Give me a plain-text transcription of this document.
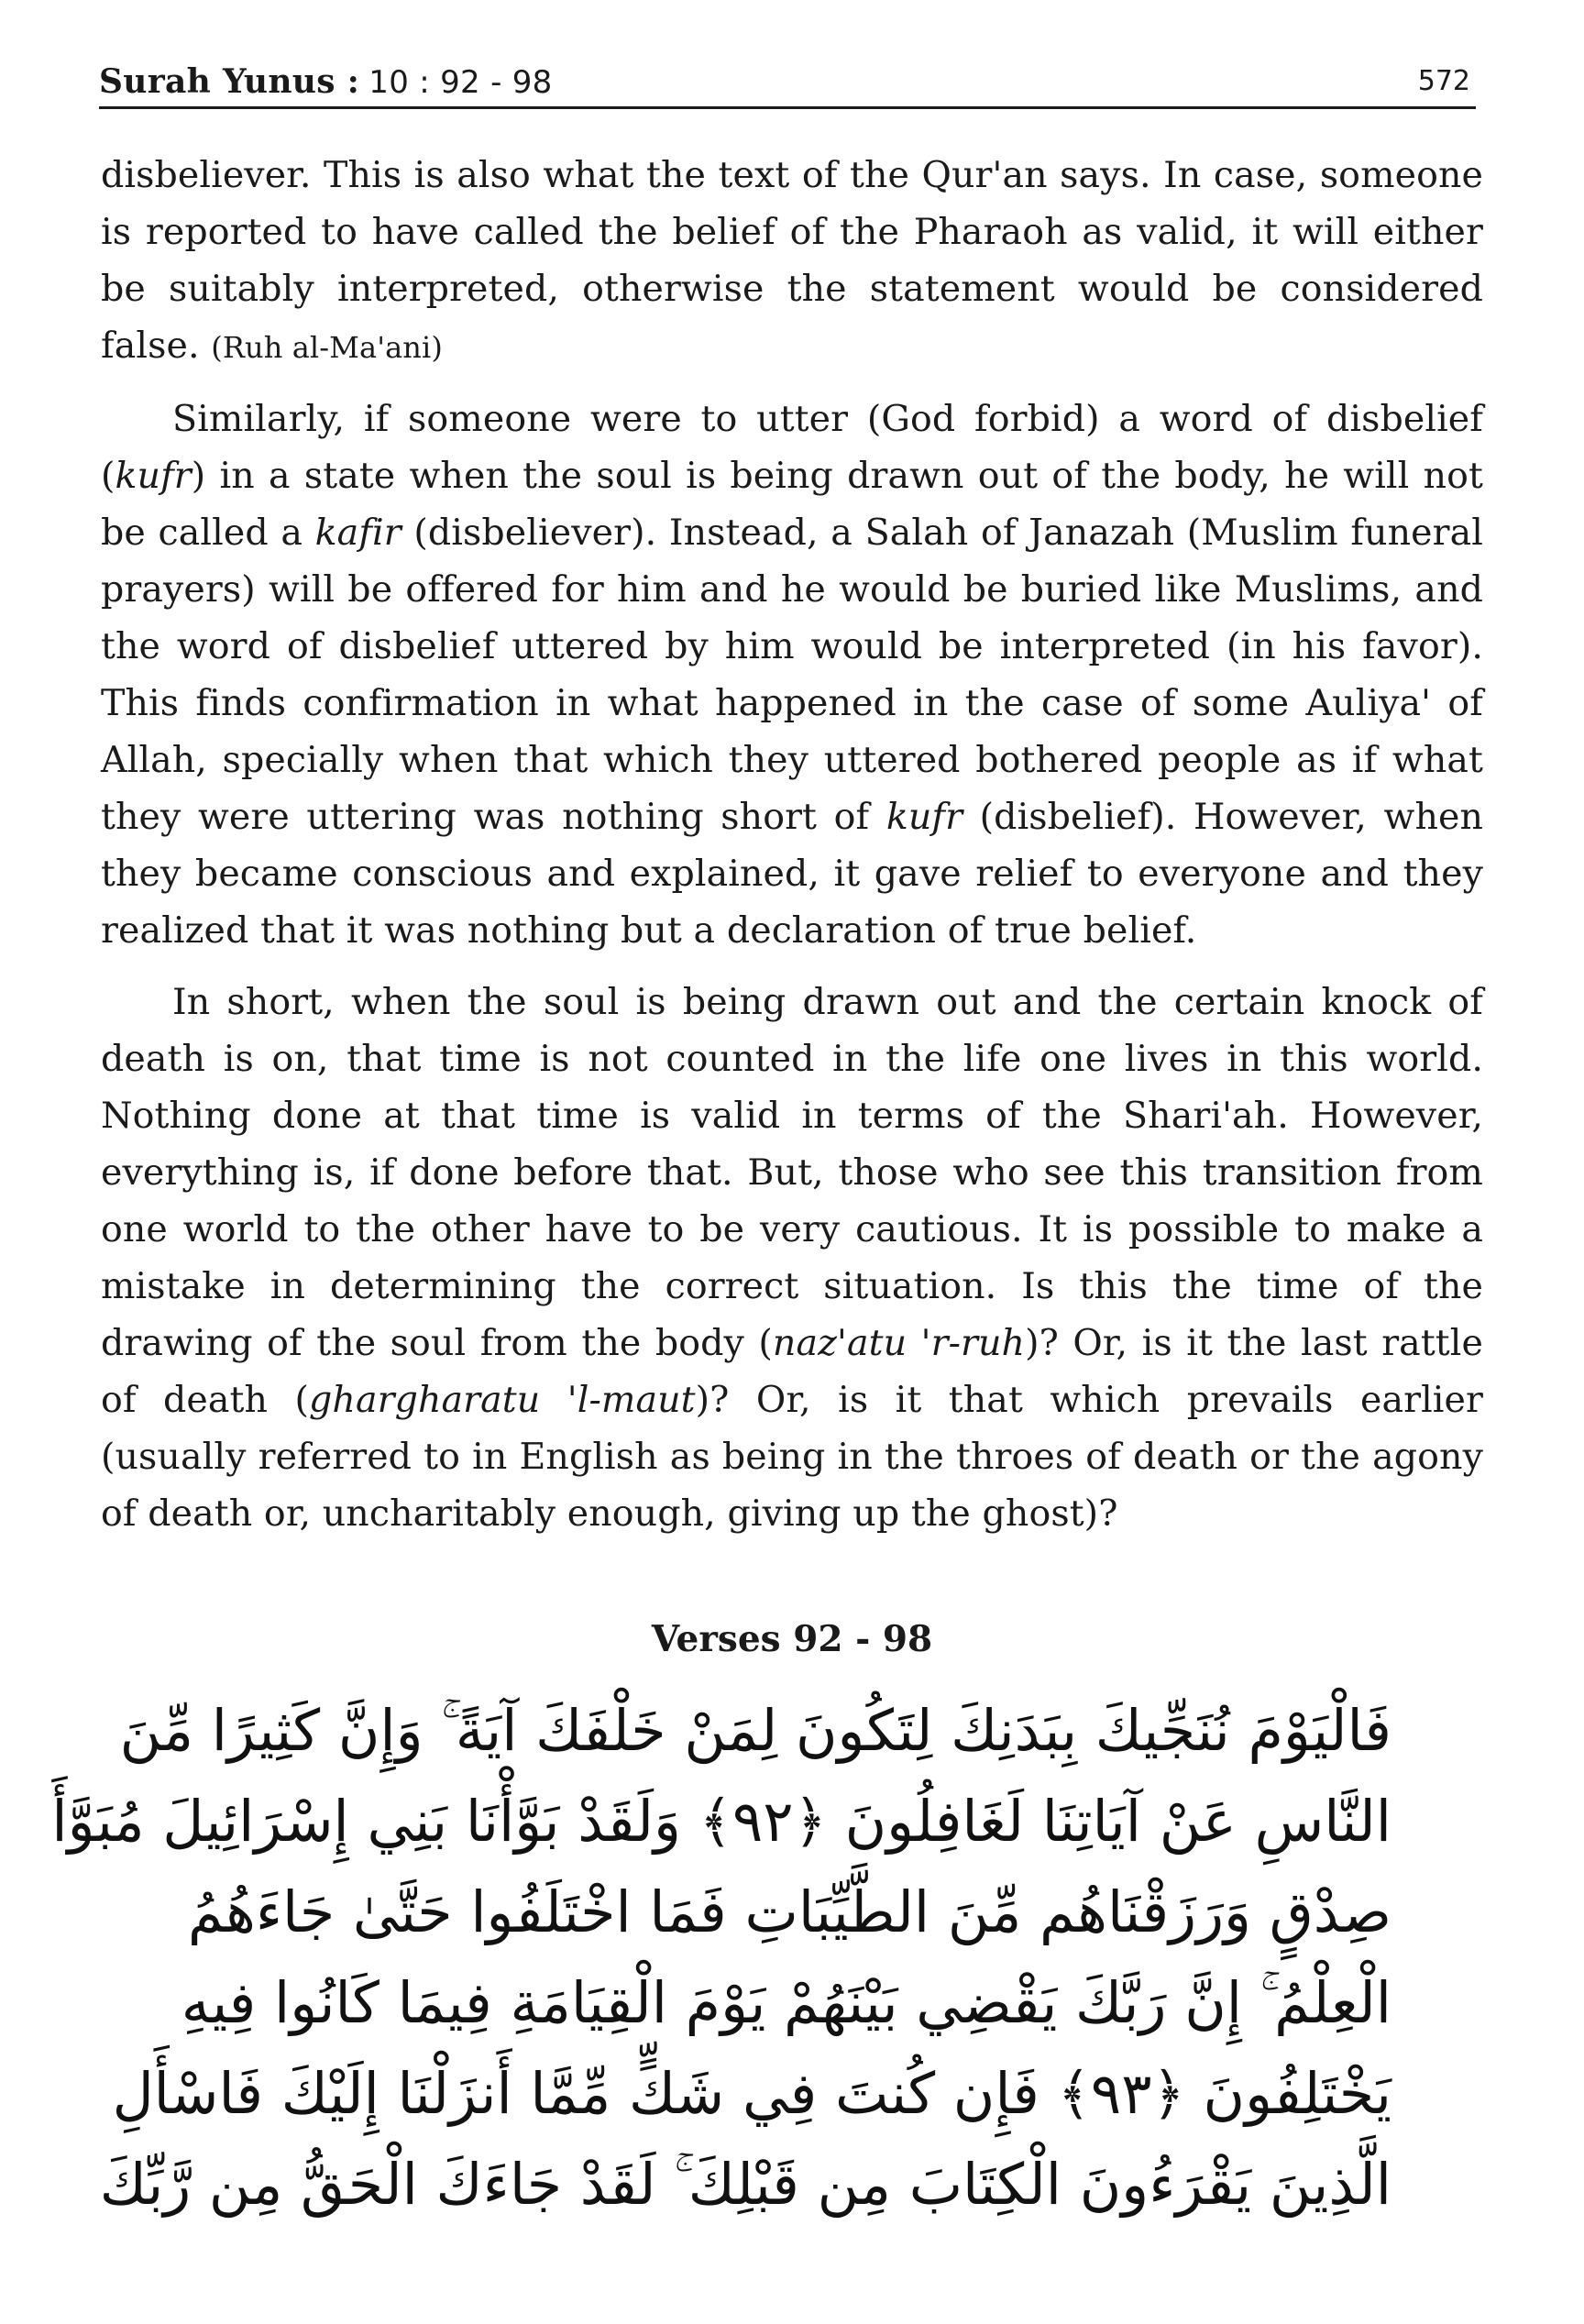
Surah Yunus : 10 : 92 - 98	572

disbeliever. This is also what the text of the Qur'an says. In case, someone is reported to have called the belief of the Pharaoh as valid, it will either be suitably interpreted, otherwise the statement would be considered false. (Ruh al-Ma'ani)

Similarly, if someone were to utter (God forbid) a word of disbelief (kufr) in a state when the soul is being drawn out of the body, he will not be called a kafir (disbeliever). Instead, a Salah of Janazah (Muslim funeral prayers) will be offered for him and he would be buried like Muslims, and the word of disbelief uttered by him would be interpreted (in his favor). This finds confirmation in what happened in the case of some Auliya' of Allah, specially when that which they uttered bothered people as if what they were uttering was nothing short of kufr (disbelief). However, when they became conscious and explained, it gave relief to everyone and they realized that it was nothing but a declaration of true belief.

In short, when the soul is being drawn out and the certain knock of death is on, that time is not counted in the life one lives in this world. Nothing done at that time is valid in terms of the Shari'ah. However, everything is, if done before that. But, those who see this transition from one world to the other have to be very cautious. It is possible to make a mistake in determining the correct situation. Is this the time of the drawing of the soul from the body (naz'atu 'r-ruh)? Or, is it the last rattle of death (ghargharatu 'l-maut)? Or, is it that which prevails earlier (usually referred to in English as being in the throes of death or the agony of death or, uncharitably enough, giving up the ghost)?

Verses 92 - 98
فَالْيَوْمَ نُنَجِّيكَ بِبَدَنِكَ لِتَكُونَ لِمَنْ خَلْفَكَ آيَةً ۚ وَإِنَّ كَثِيرًا مِّنَ
النَّاسِ عَنْ آيَاتِنَا لَغَافِلُونَ ﴿٩٢﴾ وَلَقَدْ بَوَّأْنَا بَنِي إِسْرَائِيلَ مُبَوَّأَ
صِدْقٍ وَرَزَقْنَاهُم مِّنَ الطَّيِّبَاتِ فَمَا اخْتَلَفُوا حَتَّىٰ جَاءَهُمُ
الْعِلْمُ ۚ إِنَّ رَبَّكَ يَقْضِي بَيْنَهُمْ يَوْمَ الْقِيَامَةِ فِيمَا كَانُوا فِيهِ
يَخْتَلِفُونَ ﴿٩٣﴾ فَإِن كُنتَ فِي شَكٍّ مِّمَّا أَنزَلْنَا إِلَيْكَ فَاسْأَلِ
الَّذِينَ يَقْرَءُونَ الْكِتَابَ مِن قَبْلِكَ ۚ لَقَدْ جَاءَكَ الْحَقُّ مِن رَّبِّكَ
